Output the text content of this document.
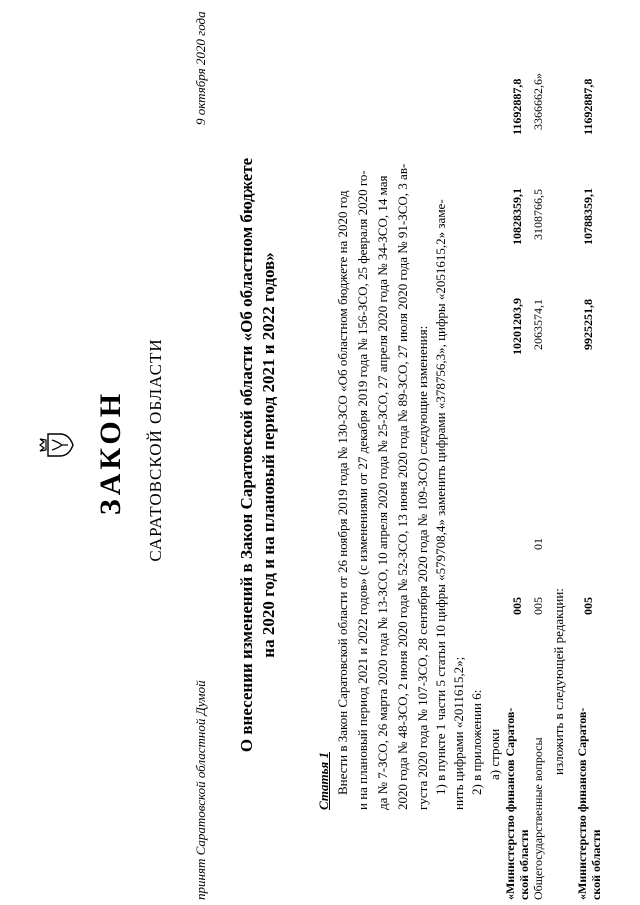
ЗАКОН САРАТОВСКОЙ ОБЛАСТИ
принят Саратовской областной Думой
9 октября 2020 года
О внесении изменений в Закон Саратовской области «Об областном бюджете на 2020 год и на плановый период 2021 и 2022 годов»
Статья 1 Внести в Закон Саратовской области от 26 ноября 2019 года № 130-ЗСО «Об областном бюджете на 2020 год и на плановый период 2021 и 2022 годов» (с изменениями от 27 декабря 2019 года № 156-ЗСО, 25 февраля 2020 го- да № 7-ЗСО, 26 марта 2020 года № 13-ЗСО, 10 апреля 2020 года № 25-ЗСО, 27 апреля 2020 года № 34-ЗСО, 14 мая 2020 года № 48-ЗСО, 2 июня 2020 года № 52-ЗСО, 13 июня 2020 года № 89-ЗСО, 27 июля 2020 года № 91-ЗСО, 3 ав- густа 2020 года № 107-ЗСО, 28 сентября 2020 года № 109-ЗСО) следующие изменения: 1) в пункте 1 части 5 статьи 10 цифры «579708,4» заменить цифрами «378756,3», цифры «2051615,2» заме- нить цифрами «2011615,2»; 2) в приложении 6: а) строки «Министерство финансов Саратов- ской области
005
10201203,9
10828359,1
11692887,8
Общегосударственные вопросы
005
01
2063574,1
3108766,5
3366662,6»
изложить в следующей редакции:
«Министерство финансов Саратов- ской области
005
9925251,8
10788359,1
11692887,8
